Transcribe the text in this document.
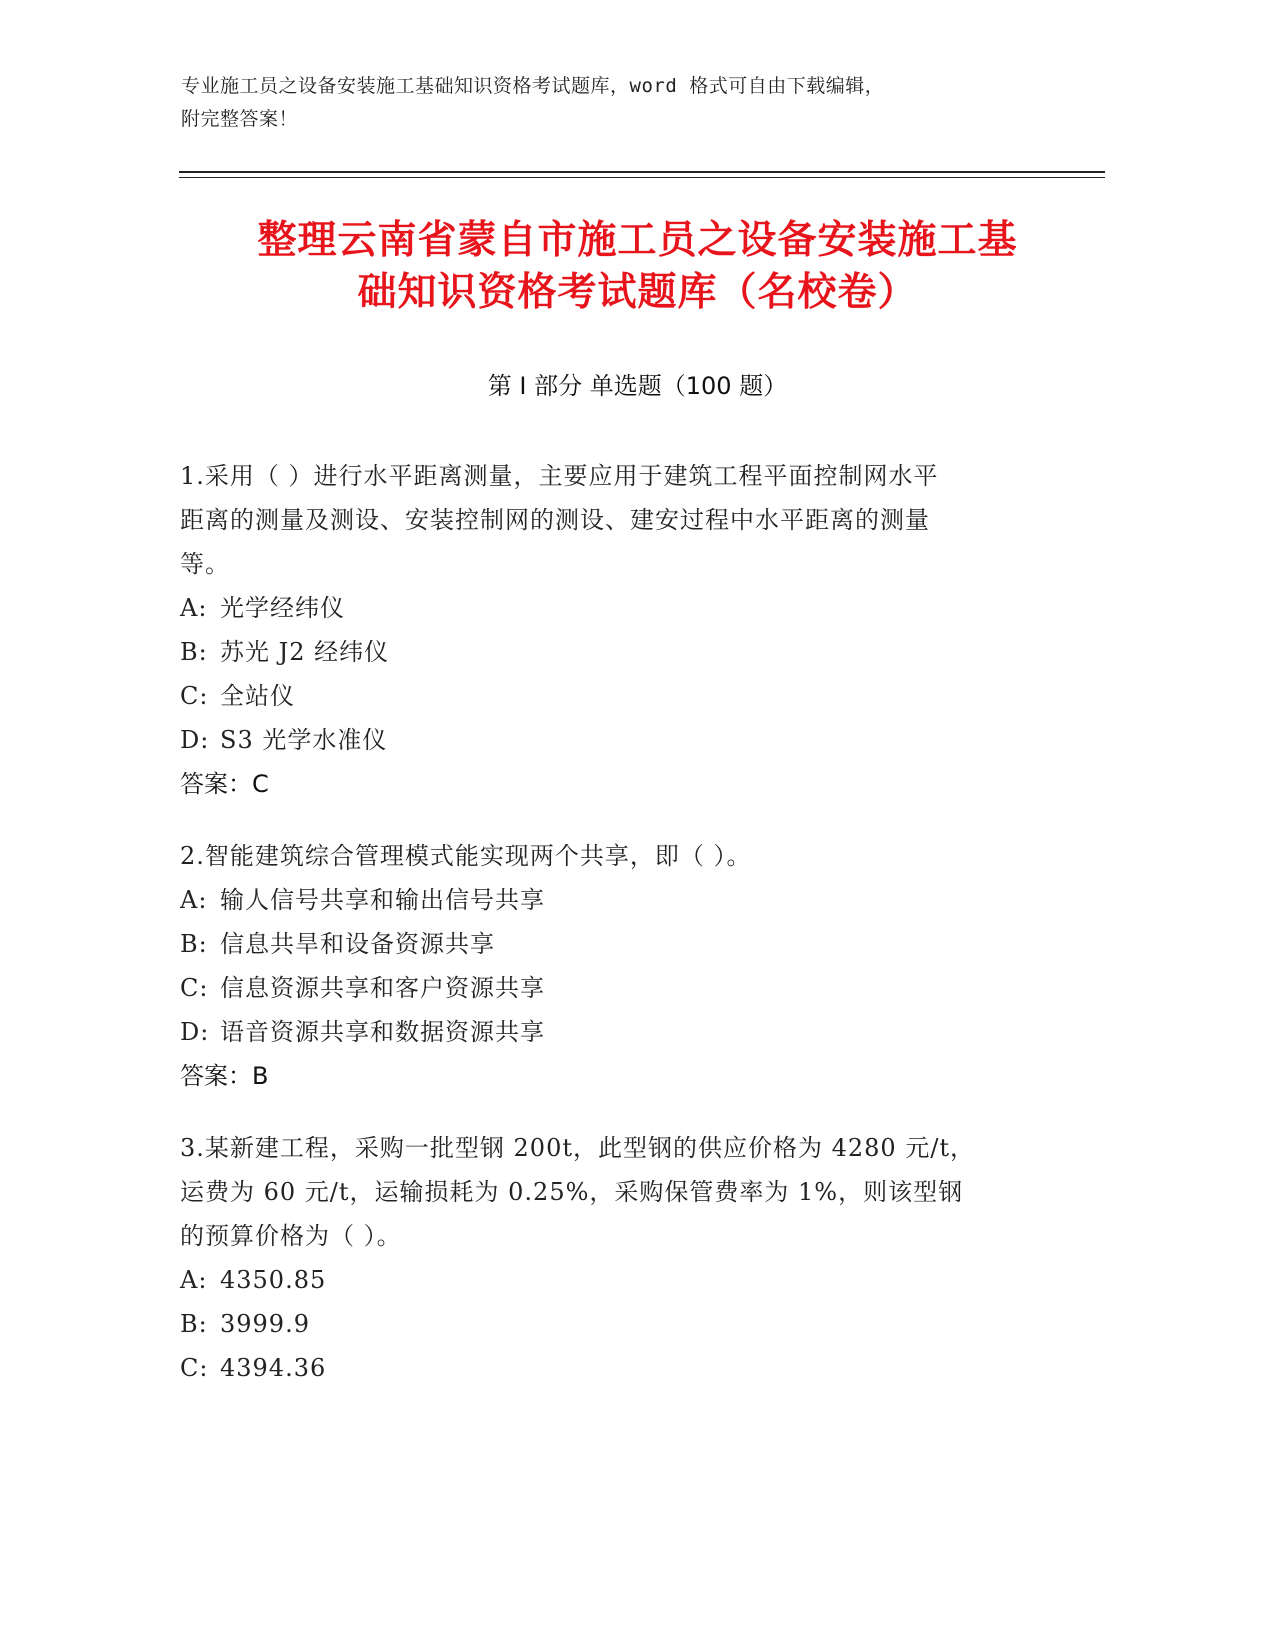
专业施工员之设备安装施工基础知识资格考试题库，word 格式可自由下载编辑，
附完整答案！
整理云南省蒙自市施工员之设备安装施工基
础知识资格考试题库（名校卷）
第 I 部分 单选题（100 题）
1.采用（ ）进行水平距离测量，主要应用于建筑工程平面控制网水平
距离的测量及测设、安装控制网的测设、建安过程中水平距离的测量
等。
A: 光学经纬仪
B: 苏光 J2 经纬仪
C: 全站仪
D: S3 光学水准仪
答案：C
2.智能建筑综合管理模式能实现两个共享，即（ ）。
A: 输人信号共享和输出信号共享
B: 信息共旱和设备资源共享
C: 信息资源共享和客户资源共享
D: 语音资源共享和数据资源共享
答案：B
3.某新建工程，采购一批型钢 200t，此型钢的供应价格为 4280 元/t，
运费为 60 元/t，运输损耗为 0.25%，采购保管费率为 1%，则该型钢
的预算价格为（ ）。
A: 4350.85
B: 3999.9
C: 4394.36
